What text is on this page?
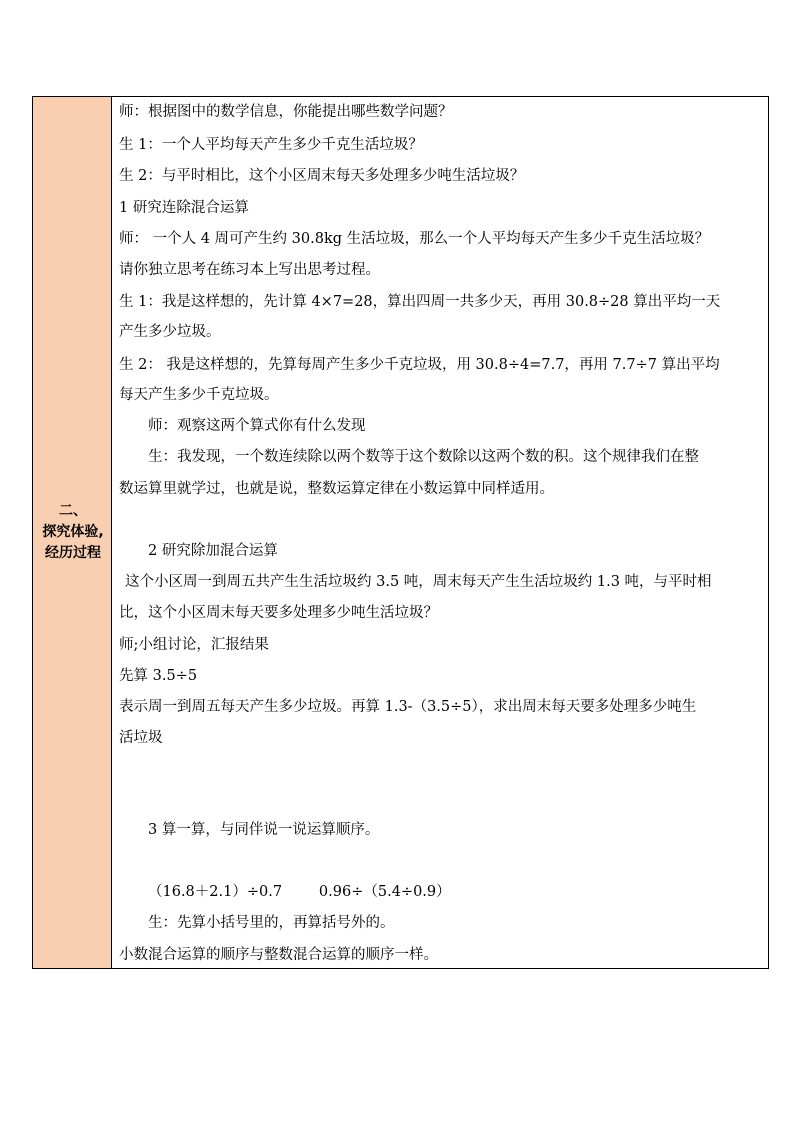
二、
探究体验,
经历过程
师：根据图中的数学信息，你能提出哪些数学问题？
生 1：一个人平均每天产生多少千克生活垃圾？
生 2：与平时相比，这个小区周末每天多处理多少吨生活垃圾？
1 研究连除混合运算
师： 一个人 4 周可产生约 30.8kg 生活垃圾，那么一个人平均每天产生多少千克生活垃圾？
请你独立思考在练习本上写出思考过程。
生 1：我是这样想的，先计算 4×7=28，算出四周一共多少天，再用 30.8÷28 算出平均一天
产生多少垃圾。
生 2： 我是这样想的，先算每周产生多少千克垃圾，用 30.8÷4=7.7，再用 7.7÷7 算出平均
每天产生多少千克垃圾。
师：观察这两个算式你有什么发现
生：我发现，一个数连续除以两个数等于这个数除以这两个数的积。这个规律我们在整
数运算里就学过，也就是说，整数运算定律在小数运算中同样适用。
2 研究除加混合运算
这个小区周一到周五共产生生活垃圾约 3.5 吨，周末每天产生生活垃圾约 1.3 吨，与平时相
比，这个小区周末每天要多处理多少吨生活垃圾？
师;小组讨论，汇报结果
先算 3.5÷5
表示周一到周五每天产生多少垃圾。再算 1.3-（3.5÷5），求出周末每天要多处理多少吨生
活垃圾
3 算一算，与同伴说一说运算顺序。
（16.8＋2.1）÷0.7        0.96÷（5.4÷0.9）
生：先算小括号里的，再算括号外的。
小数混合运算的顺序与整数混合运算的顺序一样。
